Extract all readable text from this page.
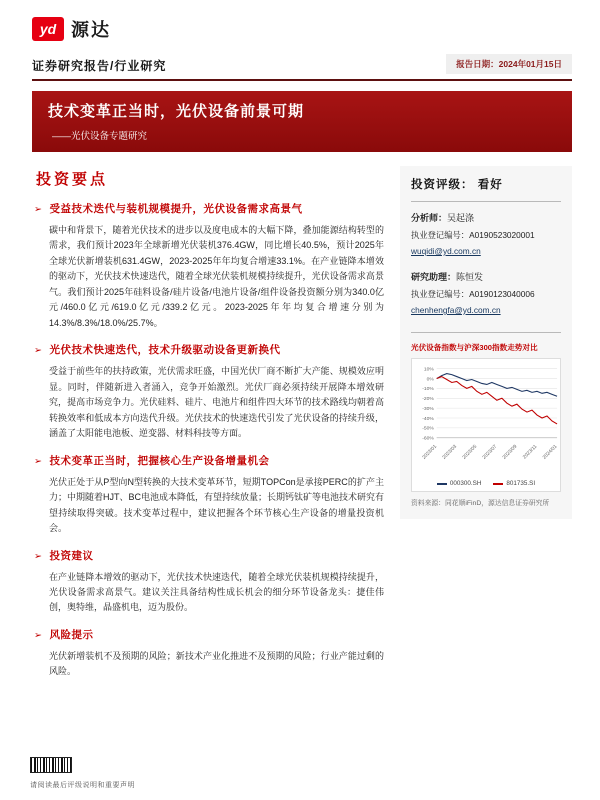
yd 源达
证券研究报告/行业研究	报告日期：2024年01月15日
技术变革正当时，光伏设备前景可期
——光伏设备专题研究
投资要点
➢ 受益技术迭代与装机规模提升，光伏设备需求高景气

碳中和背景下，随着光伏技术的进步以及度电成本的大幅下降，叠加能源结构转型的需求，我们预计2023年全球新增光伏装机376.4GW，同比增长40.5%，预计2025年全球光伏新增装机631.4GW，2023-2025年年均复合增速33.1%。在产业链降本增效的驱动下，光伏技术快速迭代，随着全球光伏装机规模持续提升，光伏设备需求高景气。我们预计2025年硅料设备/硅片设备/电池片设备/组件设备投资额分别为340.0亿元/460.0亿元/619.0亿元/339.2亿元。2023-2025年年均复合增速分别为14.3%/8.3%/18.0%/25.7%。

➢ 光伏技术快速迭代，技术升级驱动设备更新换代

受益于前些年的扶持政策，光伏需求旺盛，中国光伏厂商不断扩大产能、规模效应明显。同时，伴随新进入者涌入，竞争开始激烈。光伏厂商必须持续开展降本增效研究，提高市场竞争力。光伏硅料、硅片、电池片和组件四大环节的技术路线均朝着高转换效率和低成本方向迭代升级。光伏技术的快速迭代引发了光伏设备的持续升级，涵盖了太阳能电池板、逆变器、材料科技等方面。

➢ 技术变革正当时，把握核心生产设备增量机会

光伏正处于从P型向N型转换的大技术变革环节，短期TOPCon是承接PERC的扩产主力；中期随着HJT、BC电池成本降低，有望持续放量；长期钙钛矿等电池技术研究有望持续取得突破。技术变革过程中，建议把握各个环节核心生产设备的增量投资机会。

➢ 投资建议

在产业链降本增效的驱动下，光伏技术快速迭代，随着全球光伏装机规模持续提升，光伏设备需求高景气。建议关注具备结构性成长机会的细分环节设备龙头：捷佳伟创，奥特维，晶盛机电，迈为股份。

➢ 风险提示

光伏新增装机不及预期的风险；新技术产业化推进不及预期的风险；行业产能过剩的风险。

投资评级： 看好
分析师：吴起涤
执业登记编号：A0190523020001
wuqidi@yd.com.cn
研究助理：陈恒发
执业登记编号：A0190123040006
chenhengfa@yd.com.cn
光伏设备指数与沪深300指数走势对比
10%
0%
-10%
-20%
-30%
-40%
-50%
-60%
2023/01 2023/03 2023/05 2023/07 2023/09 2023/11 2024/01
000300.SH	801735.SI
资料来源：同花顺iFinD，源达信息证券研究所
请阅读最后评级说明和重要声明
